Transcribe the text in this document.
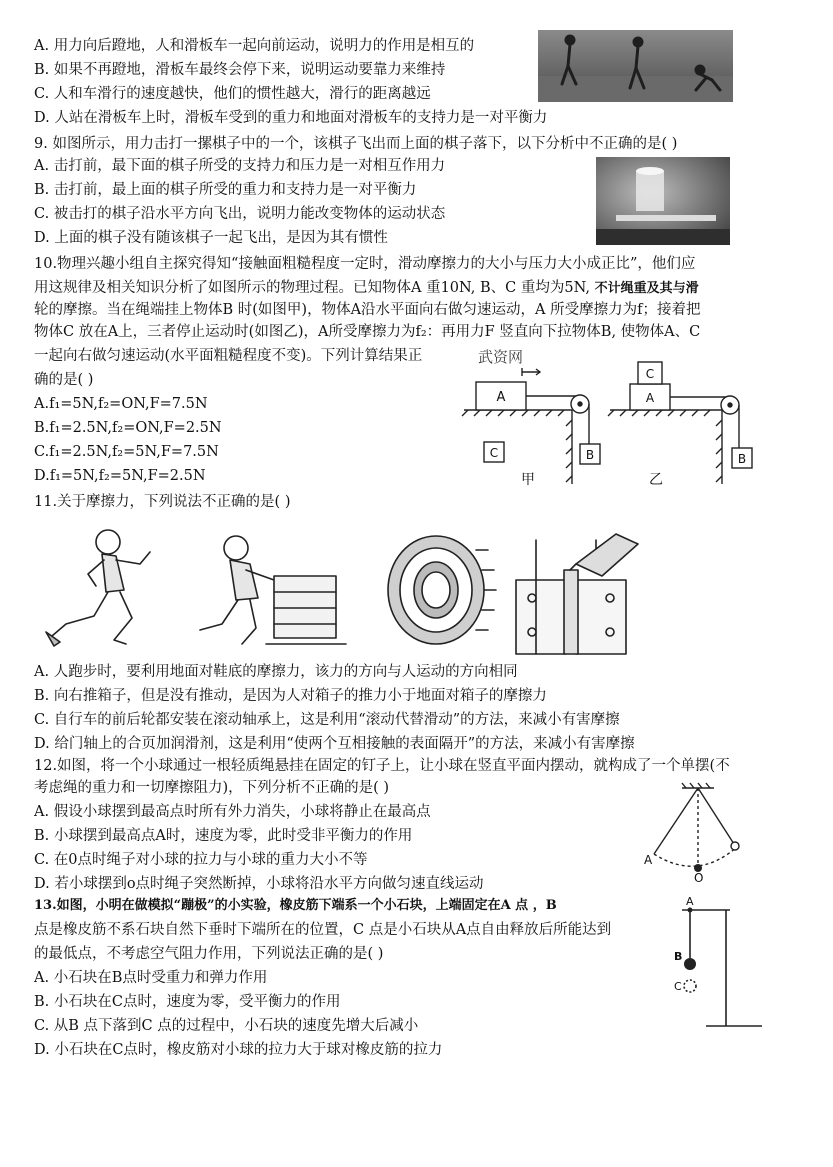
A. 用力向后蹬地，人和滑板车一起向前运动，说明力的作用是相互的
B. 如果不再蹬地，滑板车最终会停下来，说明运动要靠力来维持
C. 人和车滑行的速度越快，他们的惯性越大，滑行的距离越远
D. 人站在滑板车上时，滑板车受到的重力和地面对滑板车的支持力是一对平衡力
9. 如图所示，用力击打一摞棋子中的一个，该棋子飞出而上面的棋子落下，以下分析中不正确的是( )
A. 击打前，最下面的棋子所受的支持力和压力是一对相互作用力
B. 击打前，最上面的棋子所受的重力和支持力是一对平衡力
C. 被击打的棋子沿水平方向飞出，说明力能改变物体的运动状态
D. 上面的棋子没有随该棋子一起飞出，是因为其有惯性
10.物理兴趣小组自主探究得知“接触面粗糙程度一定时，滑动摩擦力的大小与压力大小成正比”，他们应
用这规律及相关知识分析了如图所示的物理过程。已知物体A 重10N, B、C 重均为5N, 不计绳重及其与滑
轮的摩擦。当在绳端挂上物体B 时(如图甲)，物体A沿水平面向右做匀速运动，A 所受摩擦力为f；接着把
物体C 放在A上，三者停止运动时(如图乙)，A所受摩擦力为f₂：再用力F 竖直向下拉物体B, 使物体A、C
一起向右做匀速运动(水平面粗糙程度不变)。下列计算结果正
确的是( )
A.f₁=5N,f₂=ON,F=7.5N
B.f₁=2.5N,f₂=ON,F=2.5N
C.f₁=2.5N,f₂=5N,F=7.5N
D.f₁=5N,f₂=5N,F=2.5N
武资网
A
C	B
甲
C
A
B
乙
11.关于摩擦力，下列说法不正确的是( )
A. 人跑步时，要利用地面对鞋底的摩擦力，该力的方向与人运动的方向相同
B. 向右推箱子，但是没有推动，是因为人对箱子的推力小于地面对箱子的摩擦力
C. 自行车的前后轮都安装在滚动轴承上，这是利用“滚动代替滑动”的方法，来减小有害摩擦
D. 给门轴上的合页加润滑剂，这是利用“使两个互相接触的表面隔开”的方法，来减小有害摩擦
12.如图，将一个小球通过一根轻质绳悬挂在固定的钉子上，让小球在竖直平面内摆动，就构成了一个单摆(不
考虑绳的重力和一切摩擦阻力)，下列分析不正确的是( )
A. 假设小球摆到最高点时所有外力消失，小球将静止在最高点
B. 小球摆到最高点A时，速度为零，此时受非平衡力的作用
C. 在0点时绳子对小球的拉力与小球的重力大小不等
D. 若小球摆到o点时绳子突然断掉，小球将沿水平方向做匀速直线运动
A
O
13.如图，小明在做模拟“蹦极”的小实验，橡皮筋下端系一个小石块，上端固定在A 点 ，B
点是橡皮筋不系石块自然下垂时下端所在的位置，C 点是小石块从A点自由释放后所能达到
的最低点，不考虑空气阻力作用，下列说法正确的是( )
A. 小石块在B点时受重力和弹力作用
B. 小石块在C点时，速度为零，受平衡力的作用
C. 从B 点下落到C 点的过程中，小石块的速度先增大后减小
D. 小石块在C点时，橡皮筋对小球的拉力大于球对橡皮筋的拉力
A
B
C
